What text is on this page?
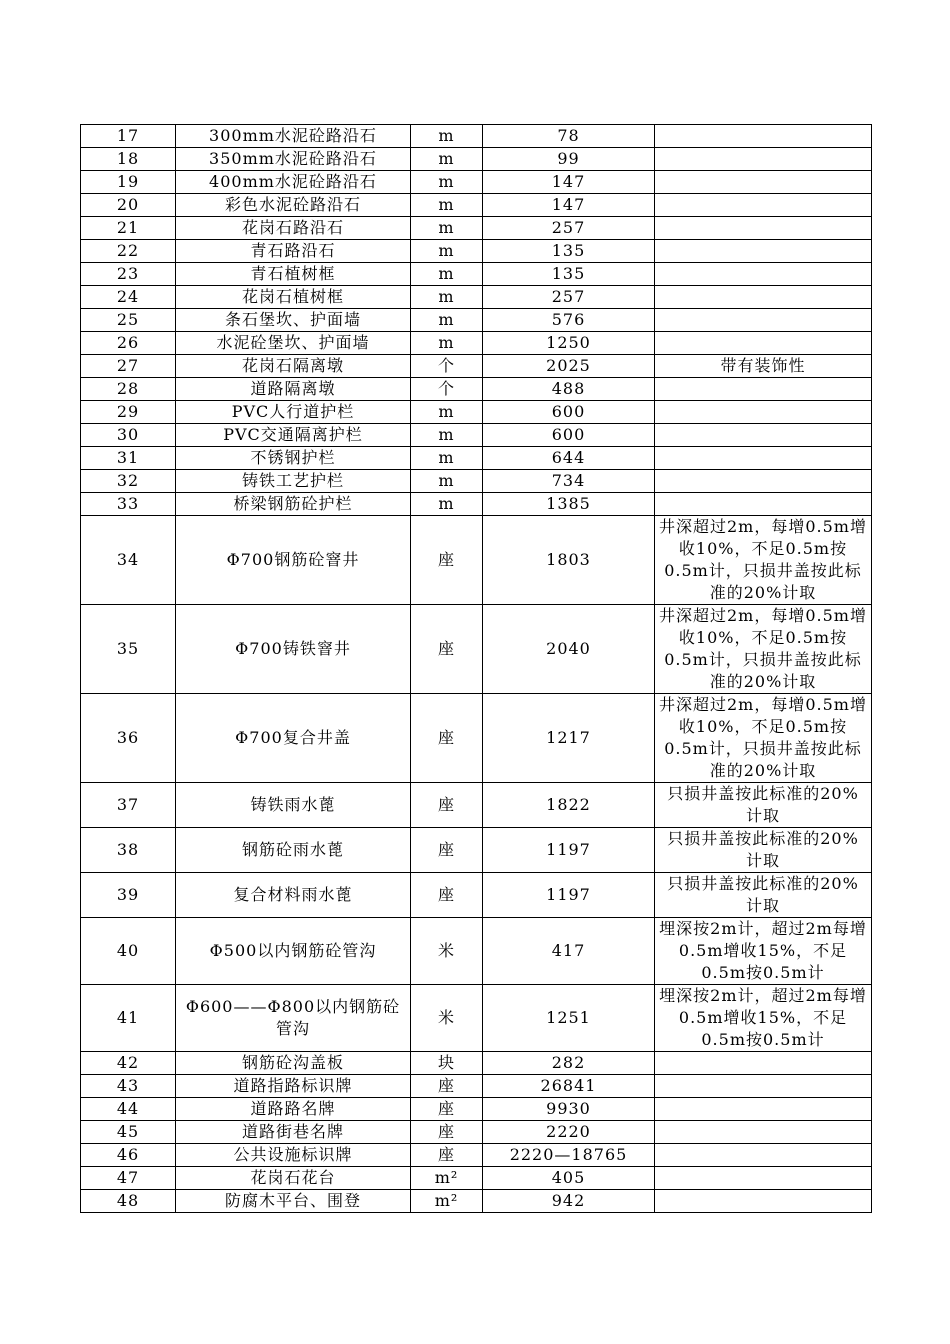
17	300mm水泥砼路沿石	m	78	
18	350mm水泥砼路沿石	m	99	
19	400mm水泥砼路沿石	m	147	
20	彩色水泥砼路沿石	m	147	
21	花岗石路沿石	m	257	
22	青石路沿石	m	135	
23	青石植树框	m	135	
24	花岗石植树框	m	257	
25	条石堡坎、护面墙	m	576	
26	水泥砼堡坎、护面墙	m	1250	
27	花岗石隔离墩	个	2025	带有装饰性
28	道路隔离墩	个	488	
29	PVC人行道护栏	m	600	
30	PVC交通隔离护栏	m	600	
31	不锈钢护栏	m	644	
32	铸铁工艺护栏	m	734	
33	桥梁钢筋砼护栏	m	1385	
34	Φ700钢筋砼窨井	座	1803	井深超过2m，每增0.5m增收10%，不足0.5m按0.5m计，只损井盖按此标准的20%计取
35	Φ700铸铁窨井	座	2040	井深超过2m，每增0.5m增收10%，不足0.5m按0.5m计，只损井盖按此标准的20%计取
36	Φ700复合井盖	座	1217	井深超过2m，每增0.5m增收10%，不足0.5m按0.5m计，只损井盖按此标准的20%计取
37	铸铁雨水蓖	座	1822	只损井盖按此标准的20%计取
38	钢筋砼雨水蓖	座	1197	只损井盖按此标准的20%计取
39	复合材料雨水蓖	座	1197	只损井盖按此标准的20%计取
40	Φ500以内钢筋砼管沟	米	417	埋深按2m计，超过2m每增0.5m增收15%，不足0.5m按0.5m计
41	Φ600——Φ800以内钢筋砼管沟	米	1251	埋深按2m计，超过2m每增0.5m增收15%，不足0.5m按0.5m计
42	钢筋砼沟盖板	块	282	
43	道路指路标识牌	座	26841	
44	道路路名牌	座	9930	
45	道路街巷名牌	座	2220	
46	公共设施标识牌	座	2220—18765	
47	花岗石花台	m²	405	
48	防腐木平台、围登	m²	942	
